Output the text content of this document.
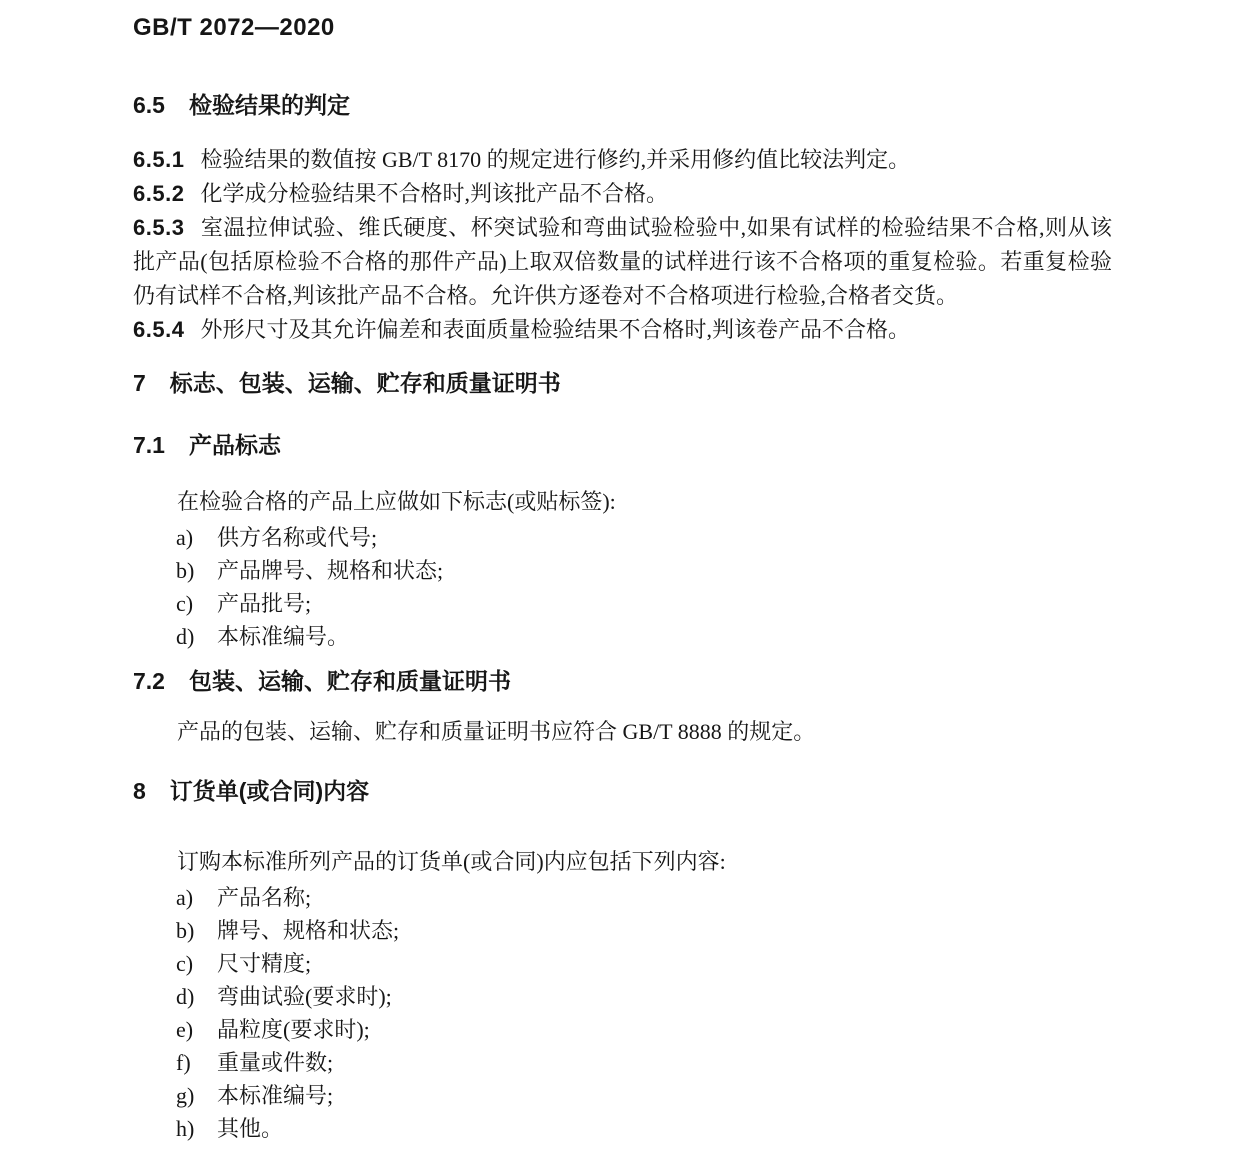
GB/T 2072—2020
6.5 检验结果的判定

6.5.1 检验结果的数值按 GB/T 8170 的规定进行修约,并采用修约值比较法判定。

6.5.2 化学成分检验结果不合格时,判该批产品不合格。

6.5.3 室温拉伸试验、维氏硬度、杯突试验和弯曲试验检验中,如果有试样的检验结果不合格,则从该批产品(包括原检验不合格的那件产品)上取双倍数量的试样进行该不合格项的重复检验。若重复检验仍有试样不合格,判该批产品不合格。允许供方逐卷对不合格项进行检验,合格者交货。

6.5.4 外形尺寸及其允许偏差和表面质量检验结果不合格时,判该卷产品不合格。

7 标志、包装、运输、贮存和质量证明书
7.1 产品标志

在检验合格的产品上应做如下标志(或贴标签):

a) 供方名称或代号;
b) 产品牌号、规格和状态;
c) 产品批号;
d) 本标准编号。
7.2 包装、运输、贮存和质量证明书

产品的包装、运输、贮存和质量证明书应符合 GB/T 8888 的规定。

8 订货单(或合同)内容

订购本标准所列产品的订货单(或合同)内应包括下列内容:

a) 产品名称;
b) 牌号、规格和状态;
c) 尺寸精度;
d) 弯曲试验(要求时);
e) 晶粒度(要求时);
f) 重量或件数;
g) 本标准编号;
h) 其他。
